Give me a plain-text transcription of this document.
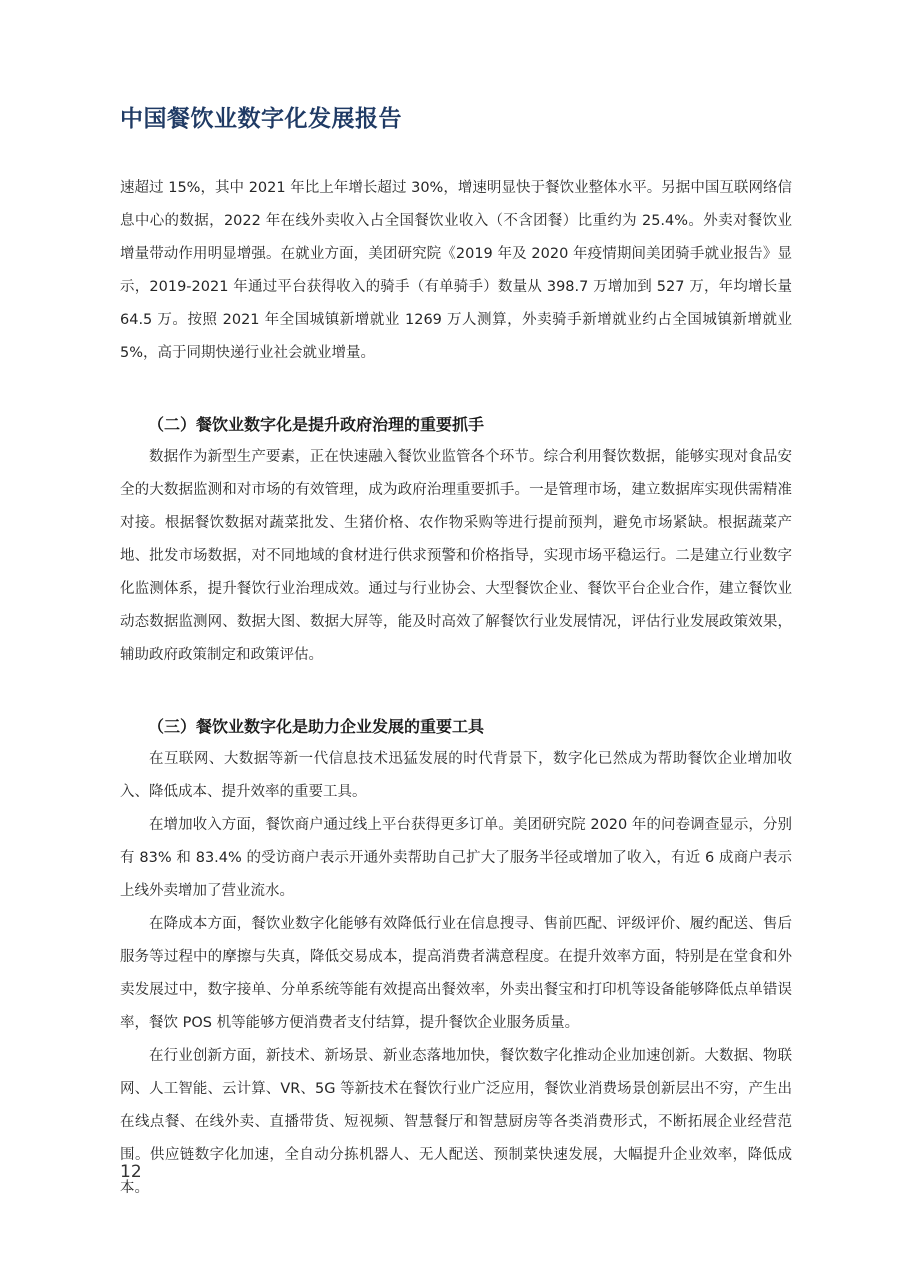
中国餐饮业数字化发展报告

速超过 15%，其中 2021 年比上年增长超过 30%，增速明显快于餐饮业整体水平。另据中国互联网络信息中心的数据，2022 年在线外卖收入占全国餐饮业收入（不含团餐）比重约为 25.4%。外卖对餐饮业增量带动作用明显增强。在就业方面，美团研究院《2019 年及 2020 年疫情期间美团骑手就业报告》显示，2019-2021 年通过平台获得收入的骑手（有单骑手）数量从 398.7 万增加到 527 万，年均增长量 64.5 万。按照 2021 年全国城镇新增就业 1269 万人测算，外卖骑手新增就业约占全国城镇新增就业 5%，高于同期快递行业社会就业增量。

（二）餐饮业数字化是提升政府治理的重要抓手

数据作为新型生产要素，正在快速融入餐饮业监管各个环节。综合利用餐饮数据，能够实现对食品安全的大数据监测和对市场的有效管理，成为政府治理重要抓手。一是管理市场，建立数据库实现供需精准对接。根据餐饮数据对蔬菜批发、生猪价格、农作物采购等进行提前预判，避免市场紧缺。根据蔬菜产地、批发市场数据，对不同地域的食材进行供求预警和价格指导，实现市场平稳运行。二是建立行业数字化监测体系，提升餐饮行业治理成效。通过与行业协会、大型餐饮企业、餐饮平台企业合作，建立餐饮业动态数据监测网、数据大图、数据大屏等，能及时高效了解餐饮行业发展情况，评估行业发展政策效果，辅助政府政策制定和政策评估。

（三）餐饮业数字化是助力企业发展的重要工具

在互联网、大数据等新一代信息技术迅猛发展的时代背景下，数字化已然成为帮助餐饮企业增加收入、降低成本、提升效率的重要工具。

在增加收入方面，餐饮商户通过线上平台获得更多订单。美团研究院 2020 年的问卷调查显示，分别有 83% 和 83.4% 的受访商户表示开通外卖帮助自己扩大了服务半径或增加了收入，有近 6 成商户表示上线外卖增加了营业流水。

在降成本方面，餐饮业数字化能够有效降低行业在信息搜寻、售前匹配、评级评价、履约配送、售后服务等过程中的摩擦与失真，降低交易成本，提高消费者满意程度。在提升效率方面，特别是在堂食和外卖发展过中，数字接单、分单系统等能有效提高出餐效率，外卖出餐宝和打印机等设备能够降低点单错误率，餐饮 POS 机等能够方便消费者支付结算，提升餐饮企业服务质量。

在行业创新方面，新技术、新场景、新业态落地加快，餐饮数字化推动企业加速创新。大数据、物联网、人工智能、云计算、VR、5G 等新技术在餐饮行业广泛应用，餐饮业消费场景创新层出不穷，产生出在线点餐、在线外卖、直播带货、短视频、智慧餐厅和智慧厨房等各类消费形式，不断拓展企业经营范围。供应链数字化加速，全自动分拣机器人、无人配送、预制菜快速发展，大幅提升企业效率，降低成本。

12
